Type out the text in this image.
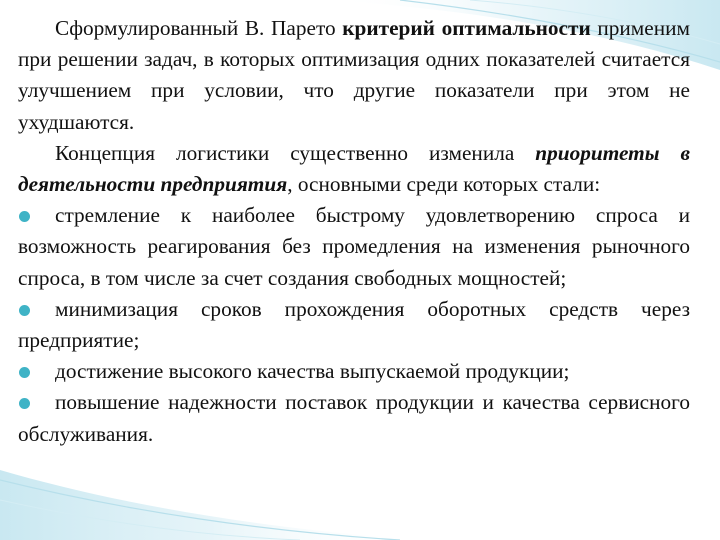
Сформулированный В. Парето критерий оптимальности применим при решении задач, в которых оптимизация одних показателей считается улучшением при условии, что другие показатели при этом не ухудшаются.

Концепция логистики существенно изменила приоритеты в деятельности предприятия, основными среди которых стали:

стремление к наиболее быстрому удовлетворению спроса и возможность реагирования без промедления на изменения рыночного спроса, в том числе за счет создания свободных мощностей;

минимизация сроков прохождения оборотных средств через предприятие;

достижение высокого качества выпускаемой продукции;

повышение надежности поставок продукции и качества сервисного обслуживания.
